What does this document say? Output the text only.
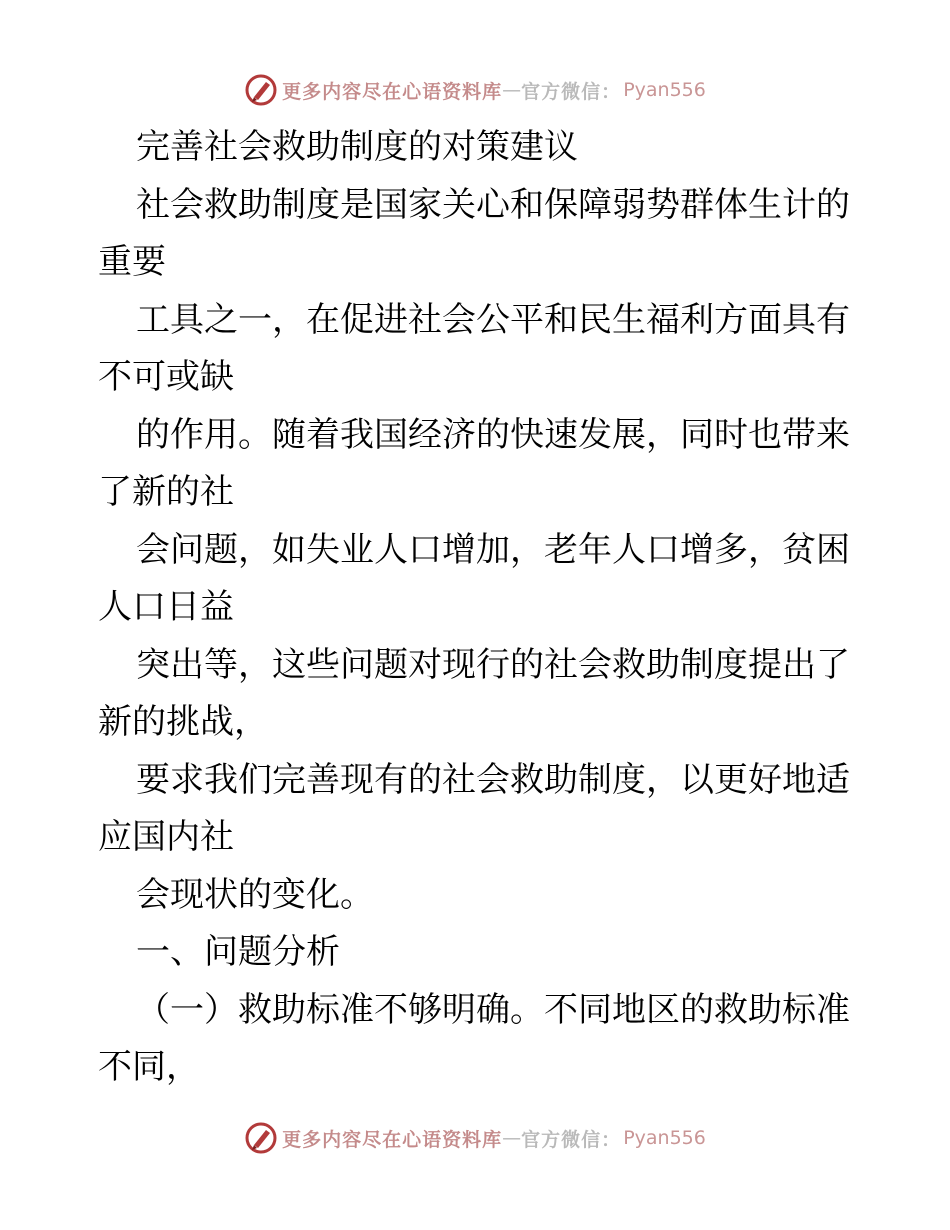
更多内容尽在心语资料库 — 官方微信： Pyan556
完善社会救助制度的对策建议
社会救助制度是国家关心和保障弱势群体生计的
重要
工具之一，在促进社会公平和民生福利方面具有
不可或缺
的作用。随着我国经济的快速发展，同时也带来
了新的社
会问题，如失业人口增加，老年人口增多，贫困
人口日益
突出等，这些问题对现行的社会救助制度提出了
新的挑战，
要求我们完善现有的社会救助制度，以更好地适
应国内社
会现状的变化。
一、问题分析
（一）救助标准不够明确。不同地区的救助标准
不同，
更多内容尽在心语资料库 — 官方微信： Pyan556
